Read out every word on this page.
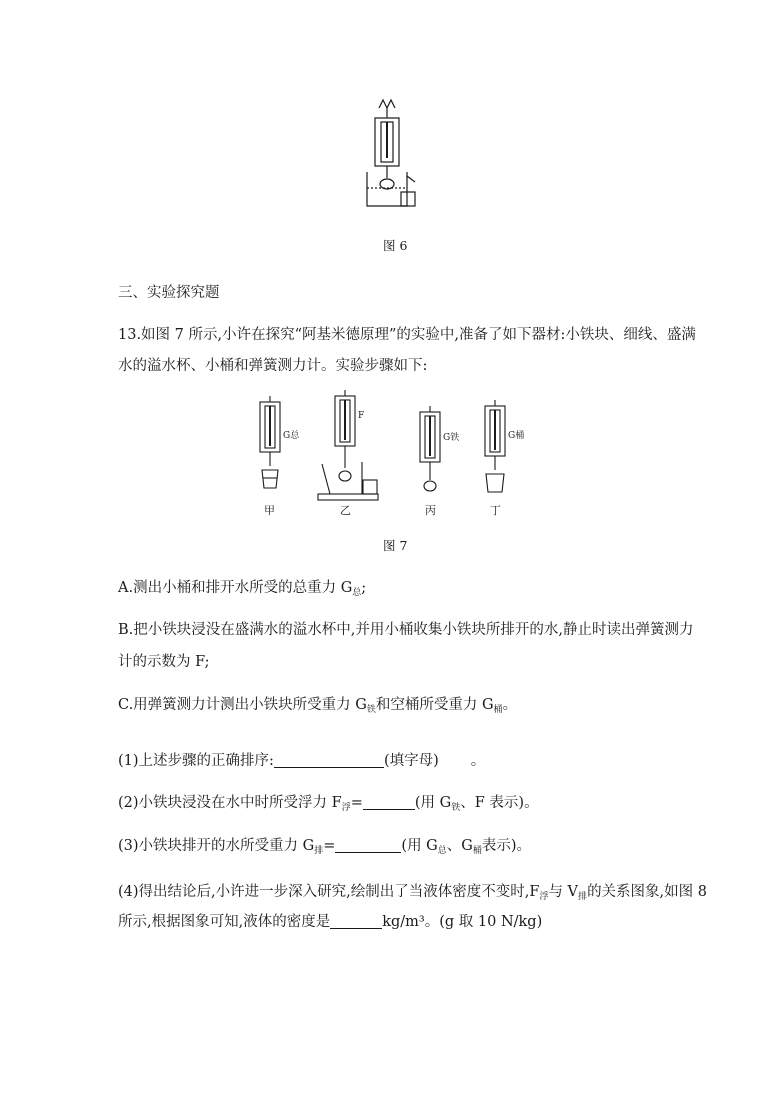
图 6
三、实验探究题
13.如图 7 所示,小许在探究“阿基米德原理”的实验中,准备了如下器材:小铁块、细线、盛满
水的溢水杯、小桶和弹簧测力计。实验步骤如下:
G总
F
G铁	G桶
甲	乙	丙	丁
图 7
A.测出小桶和排开水所受的总重力 $G_总$;
B.把小铁块浸没在盛满水的溢水杯中,并用小桶收集小铁块所排开的水,静止时读出弹簧测力
计的示数为 F;
C.用弹簧测力计测出小铁块所受重力 $G_铁$和空桶所受重力 $G_桶$。
(1)上述步骤的正确排序:	(填字母) 。
(2)小铁块浸没在水中时所受浮力 $F_浮=$	(用 $G_铁$、F 表示)。
(3)小铁块排开的水所受重力 $G_排=$	(用 $G_总$、$G_桶$表示)。
(4)得出结论后,小许进一步深入研究,绘制出了当液体密度不变时$,F_浮$与 $V_排$的关系图象,如图 8
所示,根据图象可知,液体的密度是	kg/m³。(g 取 10 N/kg)
